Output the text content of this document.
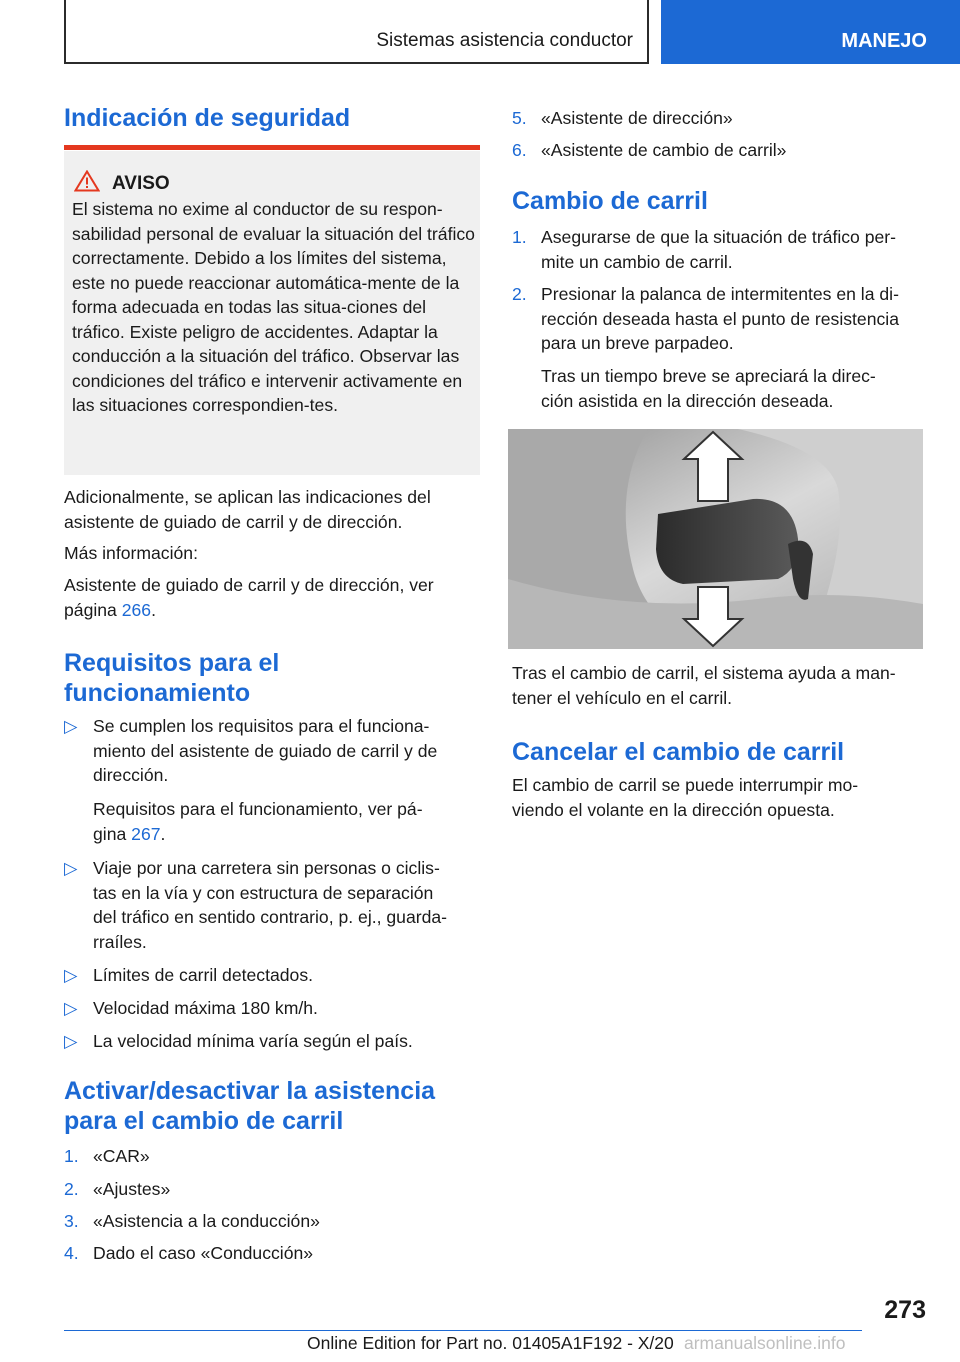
Sistemas asistencia conductor	MANEJO
Indicación de seguridad
AVISO
El sistema no exime al conductor de su respon-sabilidad personal de evaluar la situación del tráfico correctamente. Debido a los límites del sistema, este no puede reaccionar automática-mente de la forma adecuada en todas las situa-ciones del tráfico. Existe peligro de accidentes. Adaptar la conducción a la situación del tráfico. Observar las condiciones del tráfico e intervenir activamente en las situaciones correspondien-tes.
Adicionalmente, se aplican las indicaciones del asistente de guiado de carril y de dirección.
Más información:
Asistente de guiado de carril y de dirección, ver página 266.
Requisitos para el
funcionamiento
▷ Se cumplen los requisitos para el funciona-
miento del asistente de guiado de carril y de
dirección.
Requisitos para el funcionamiento, ver pá-
gina 267.
▷ Viaje por una carretera sin personas o ciclis-
tas en la vía y con estructura de separación
del tráfico en sentido contrario, p. ej., guarda-
rraíles.
▷ Límites de carril detectados.
▷ Velocidad máxima 180 km/h.
▷ La velocidad mínima varía según el país.
Activar/desactivar la asistencia
para el cambio de carril
1. «CAR»
2. «Ajustes»
3. «Asistencia a la conducción»
4. Dado el caso «Conducción»
5. «Asistente de dirección»
6. «Asistente de cambio de carril»
Cambio de carril
1. Asegurarse de que la situación de tráfico per-
mite un cambio de carril.
2. Presionar la palanca de intermitentes en la di-
rección deseada hasta el punto de resistencia
para un breve parpadeo.
Tras un tiempo breve se apreciará la direc-
ción asistida en la dirección deseada.
Tras el cambio de carril, el sistema ayuda a man-
tener el vehículo en el carril.
Cancelar el cambio de carril
El cambio de carril se puede interrumpir mo-
viendo el volante en la dirección opuesta.
273
Online Edition for Part no. 01405A1F192 - X/20 armanualsonline.info
